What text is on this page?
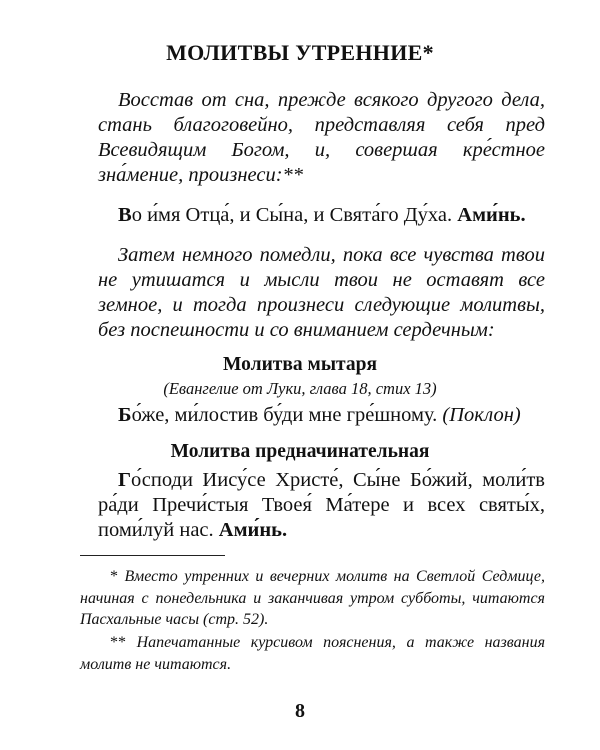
МОЛИТВЫ УТРЕННИЕ*
Восстав от сна, прежде всякого другого дела, стань благоговейно, представляя себя пред Всевидящим Богом, и, совершая кре́стное зна́мение, произнеси:**
Во и́мя Отца́, и Сы́на, и Свята́го Ду́ха. Ами́нь.
Затем немного помедли, пока все чувства твои не утишатся и мысли твои не оставят все земное, и тогда произнеси следующие молитвы, без поспешности и со вниманием сердечным:
Молитва мытаря
(Евангелие от Луки, глава 18, стих 13)
Бо́же, ми́лостив бу́ди мне гре́шному. (Поклон)
Молитва предначинательная
Го́споди Иису́се Христе́, Сы́не Бо́жий, моли́тв ра́ди Пречи́стыя Твоея́ Ма́тере и всех святы́х, поми́луй нас. Ами́нь.
* Вместо утренних и вечерних молитв на Светлой Седмице, начиная с понедельника и заканчивая утром субботы, читаются Пасхальные часы (стр. 52).
** Напечатанные курсивом пояснения, а также названия молитв не читаются.
8
